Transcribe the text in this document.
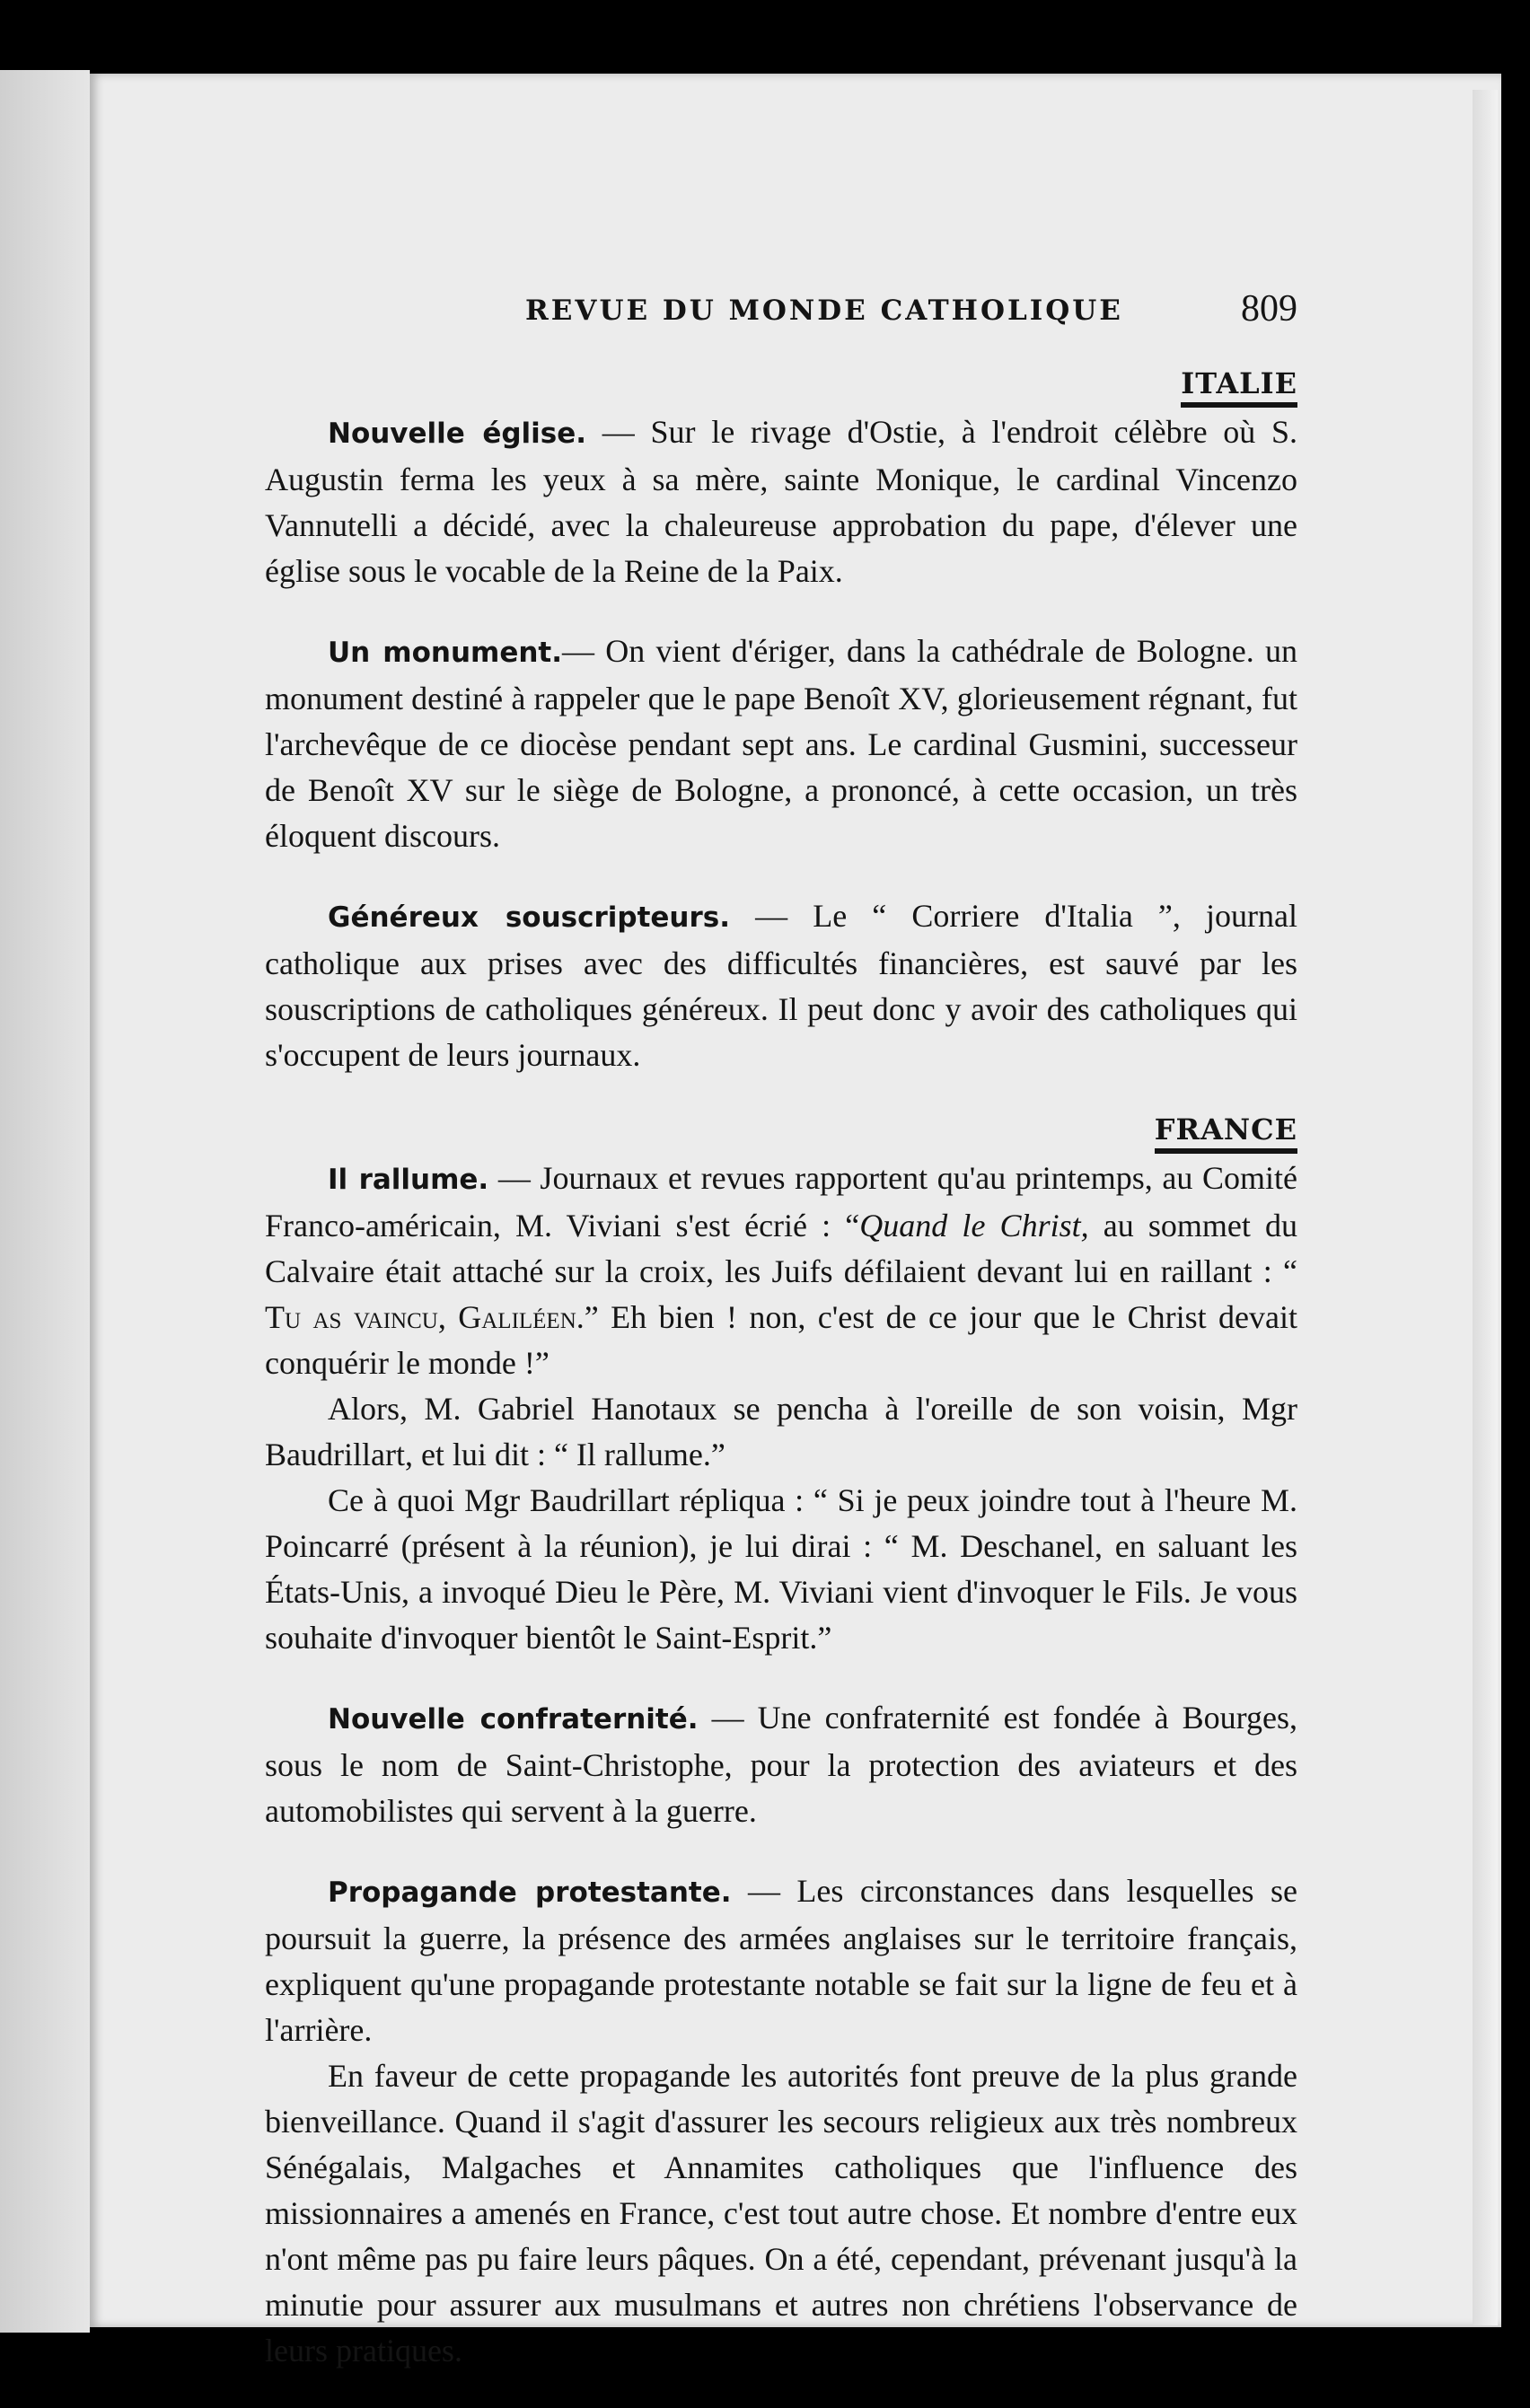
REVUE DU MONDE CATHOLIQUE	809
ITALIE

Nouvelle église. — Sur le rivage d'Ostie, à l'endroit célèbre où S. Augustin ferma les yeux à sa mère, sainte Monique, le cardinal Vincenzo Vannutelli a décidé, avec la chaleureuse approbation du pape, d'élever une église sous le vocable de la Reine de la Paix.

Un monument.— On vient d'ériger, dans la cathédrale de Bologne. un monument destiné à rappeler que le pape Benoît XV, glorieusement régnant, fut l'archevêque de ce diocèse pendant sept ans. Le cardinal Gusmini, successeur de Benoît XV sur le siège de Bologne, a prononcé, à cette occasion, un très éloquent discours.

Généreux souscripteurs. — Le “ Corriere d'Italia ”, journal catholique aux prises avec des difficultés financières, est sauvé par les souscriptions de catholiques généreux. Il peut donc y avoir des catholiques qui s'occupent de leurs journaux.

FRANCE

Il rallume. — Journaux et revues rapportent qu'au printemps, au Comité Franco-américain, M. Viviani s'est écrié : “Quand le Christ, au sommet du Calvaire était attaché sur la croix, les Juifs défilaient devant lui en raillant : “ Tu as vaincu, Galiléen.” Eh bien ! non, c'est de ce jour que le Christ devait conquérir le monde !”

Alors, M. Gabriel Hanotaux se pencha à l'oreille de son voisin, Mgr Baudrillart, et lui dit : “ Il rallume.”

Ce à quoi Mgr Baudrillart répliqua : “ Si je peux joindre tout à l'heure M. Poincarré (présent à la réunion), je lui dirai : “ M. Deschanel, en saluant les États-Unis, a invoqué Dieu le Père, M. Viviani vient d'invoquer le Fils. Je vous souhaite d'invoquer bientôt le Saint-Esprit.”

Nouvelle confraternité. — Une confraternité est fondée à Bourges, sous le nom de Saint-Christophe, pour la protection des aviateurs et des automobilistes qui servent à la guerre.

Propagande protestante. — Les circonstances dans lesquelles se poursuit la guerre, la présence des armées anglaises sur le territoire français, expliquent qu'une propagande protestante notable se fait sur la ligne de feu et à l'arrière.

En faveur de cette propagande les autorités font preuve de la plus grande bienveillance. Quand il s'agit d'assurer les secours religieux aux très nombreux Sénégalais, Malgaches et Annamites catholiques que l'influence des missionnaires a amenés en France, c'est tout autre chose. Et nombre d'entre eux n'ont même pas pu faire leurs pâques. On a été, cependant, prévenant jusqu'à la minutie pour assurer aux musulmans et autres non chrétiens l'observance de leurs pratiques.
